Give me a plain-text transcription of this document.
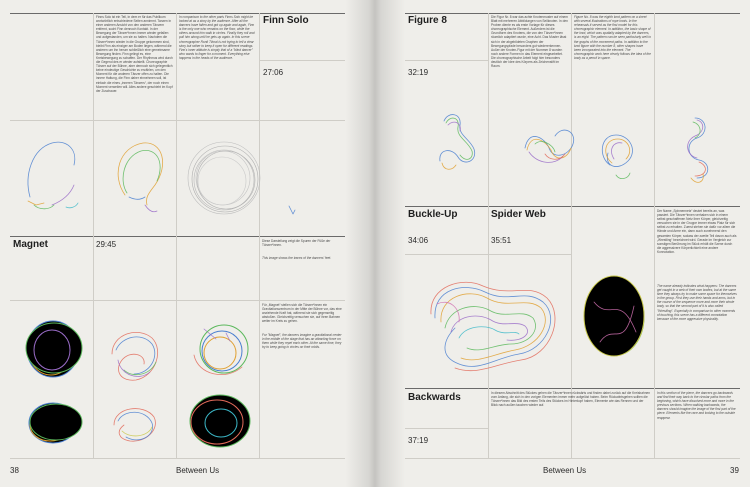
Finns Solo ist ein Teil, in dem er für das Publikum wortwörtlich entschiedene Seiten annimmt. Tanzen in einer anderen Ansicht von den anderen Tänzern entfernt, sucht Finn dennoch Kontakt. In der Bewegung der Tänzer*innen immer wieder gefallen und aufgestanden, um sie zu halten. Nachdem die Tänzer*innen wieder in die Gruppe gekommen sind, bleibt Finn als einziger am Boden liegen, während die anderen um ihn herum schließlich eine gemeinsame Bewegung finden. Finn gelingt es, eine Kreisbewegung zu schaffen. Der Rhythmus wird durch die Gegend des er wieder aufstellt. Choreographie Tänzer auf der Bühne, aber dennoch sich gelegentlich keine eindeutige Geschichte zu erzählen, um den Moment für die anderen Tänzer offen zu halten. Die innere Haltung, die Finn daher einnehmen soll, ist einfach die eines „inneren Tänzers“, der noch einen Moment verweilen will. Alles andere geschieht im Kopf der Zuschauer.
In comparison to the other parts Finns Solo might be looked at as a story by the audience. After all the dancers have fallen and got up again and again, Finn is the only one who remains on the floor, while the others around him walk in circles. Finally they roll and pull him along until he gets up again. In this scene choreographer Ronit Tiloral is not trying to tell a clear story but rather to keep it open for different readings. Finn's inner attitude is simply that of a "blind dancer" who wants to linger for a moment. Everything else happens in the heads of the audience.
Finn Solo
27:06
Magnet	29:45	Diese Darstellung zeigt die Spuren der Füße der Tänzer*innen.
This image shows the traces of the dancers' feet.
Für „Magnet“ stellen sich die Tänzer*innen ein Gravitationszentrum in der Mitte der Bühne vor, das eine anziehende Kraft hat, während sie sich gegenseitig abstoßen. Gleichzeitig versuchen sie, auf ihren Bahnen weiter im Kreis zu gehen.
For "Magnet", the dancers imagine a gravitational center in the middle of the stage that has an attracting force on them while they repel each other. At the same time, they try to keep going in circles on their orbits.
38	Between Us
Figure 8
32:19
Die Figur Nr. 8 war das achte Knotenmuster auf einem Blatt mit mehreren Abbildungen von Seilknoten. In den Proben diente es als erste Vorlage für dieses choreographische Element. Außerdem ist die Grundform des Knotens, die von den Tänzer*innen räumlich adaptiert wurde, eine Acht. Das Muster lässt sich in der abgebildeten Graphen der Bewegungspfade besonders gut wiedererkennen. Außer der Knoten-Figur mit der Nummer 8 wurden noch andere Formen in das Element eingearbeitet. Die choreographische Arbeit folgt hier besonders deutlich der Idee des Körpers als Zeichenstift im Raum.
Figure No. 8 was the eighth knot pattern on a sheet with several illustrations of rope knots. In the rehearsals it served as the first model for this choreographic element. In addition, the basic shape of the knot, which was spatially adapted by the dancers, is an eight. The pattern can be seen particularly well in the graphs of the movement paths. In addition to the knot figure with the number 8, other shapes have been incorporated into the element. The choreographic work here clearly follows the idea of the body as a pencil in space.
Buckle-Up
34:06
Spider Web
35:51
Der Name „Spinnennetz“ deutet bereits an, was passiert. Die Tänzer*innen verhaken sich in einem selbst geschaffenen Netz ihrer Körper, gleichzeitig versuchen sie in der Gruppe immer etwas Platz für sich selbst zu erhalten. Zuerst stehen sie dafür vor allem die Hände und Arme ein, dann auch zunehmend den gesamten Körper, sodass der zweite Teil davon auch als „Wrestling“ bezeichnet wird. Gerade im Vergleich zur sonstigen Berührung im Stück erhält die Szene durch die aggressivere Körperlichkeit eine andere Konnotation.
The name already indicates what happens: The dancers get caught in a web of their own bodies, but at the same time they always try to make some space for themselves in the group. First they use their hands and arms, but in the course of the sequence more and more their whole body, so that the second part of it is also called "Wrestling". Especially in comparison to other moments of touching, this scene has a different connotation because of the more aggressive physicality.
Backwards
37:19
In diesem Abschnitt des Stückes gehen die Tänzer*innen rückwärts und finden dabei zurück auf die Kreisbahnen vom Anfang, die sich in den vorigen Elementen immer mehr aufgelöst haben. Beim Rückwärtsgehen sollten die Tänzer*innen das Bild des ersten Teils des Stückes im Hinterkopf haben, Elemente wie das Rennen und der Blick nach außen tauchen wieder auf.
In this section of the piece, the dancers go backwards and find their way back to the circular paths from the beginning, which have dissolved more and more in the previous sections. When walking backwards, the dancers should imagine the image of the first part of the piece. Elements like the race and looking to the outside reappear.
Between Us	39
